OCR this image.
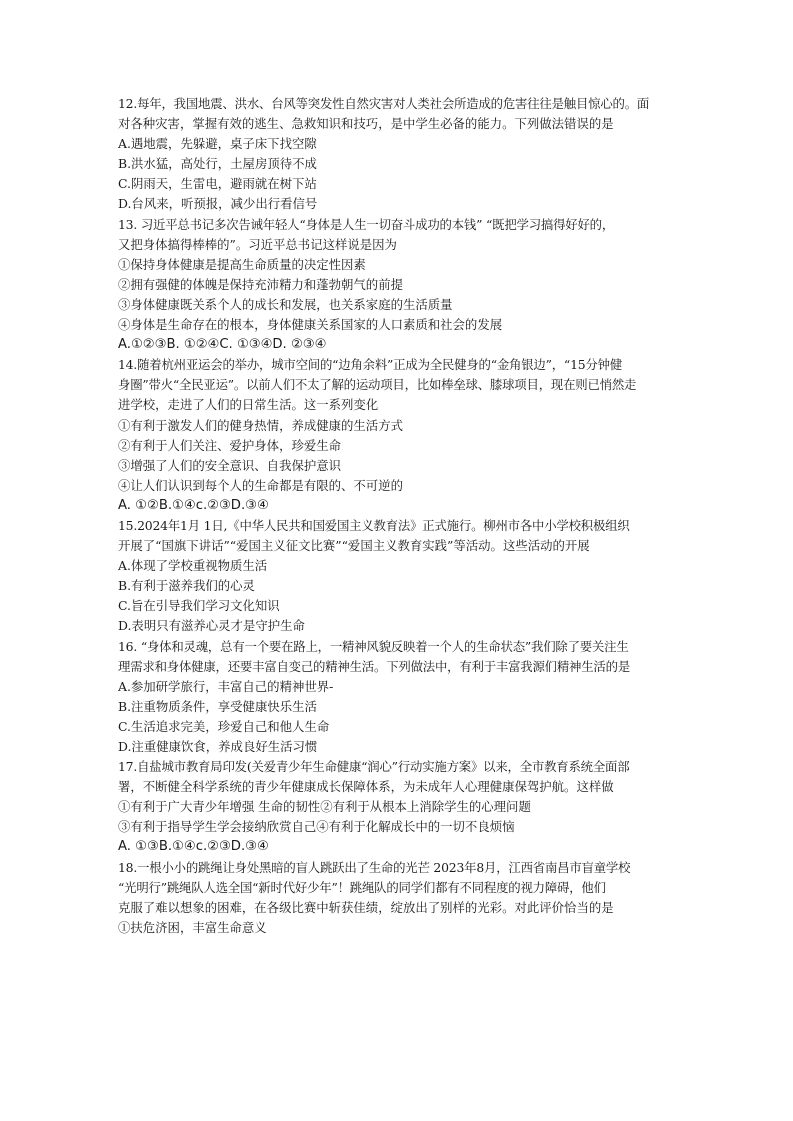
12.每年，我国地震、洪水、台风等突发性自然灾害对人类社会所造成的危害往往是触目惊心的。面
对各种灾害，掌握有效的逃生、急救知识和技巧，是中学生必备的能力。下列做法错误的是
A.遇地震，先躲避，桌子床下找空隙
B.洪水猛，高处行，土屋房顶待不成
C.阴雨天，生雷电，避雨就在树下站
D.台风来，听预报，减少出行看信号
13. 习近平总书记多次告诫年轻人“身体是人生一切奋斗成功的本钱” “既把学习搞得好好的，
又把身体搞得棒棒的”。习近平总书记这样说是因为
①保持身体健康是提高生命质量的决定性因素
②拥有强健的体魄是保持充沛精力和蓬勃朝气的前提
③身体健康既关系个人的成长和发展，也关系家庭的生活质量
④身体是生命存在的根本，身体健康关系国家的人口素质和社会的发展
A.①②③B. ①②④C. ①③④D. ②③④
14.随着杭州亚运会的举办，城市空间的“边角余料”正成为全民健身的“金角银边”，“15分钟健
身圈”带火“全民亚运”。以前人们不太了解的运动项目，比如棒垒球、膝球项目，现在则已悄然走
进学校，走进了人们的日常生活。这一系列变化
①有利于激发人们的健身热情，养成健康的生活方式
②有利于人们关注、爱护身体，珍爱生命
③增强了人们的安全意识、自我保护意识
④让人们认识到每个人的生命都是有限的、不可逆的
A. ①②B.①④c.②③D.③④
15.2024年1月 1日,《中华人民共和国爱国主义教育法》正式施行。柳州市各中小学校积极组织
开展了“国旗下讲话”“爱国主义征文比赛”“爱国主义教育实践”等活动。这些活动的开展
A.体现了学校重视物质生活
B.有利于滋养我们的心灵
C.旨在引导我们学习文化知识
D.表明只有滋养心灵才是守护生命
16. “身体和灵魂，总有一个要在路上，一精神风貌反映着一个人的生命状态”我们除了要关注生
理需求和身体健康，还要丰富自变己的精神生活。下列做法中，有利于丰富我源们精神生活的是
A.参加研学旅行，丰富自己的精神世界-
B.注重物质条件，享受健康快乐生活
C.生活追求完美，珍爱自己和他人生命
D.注重健康饮食，养成良好生活习惯
17.自盐城市教育局印发(关爱青少年生命健康“润心”行动实施方案》以来，全市教育系统全面部
署，不断健全科学系统的青少年健康成长保障体系，为未成年人心理健康保驾护航。这样做
①有利于广大青少年增强 生命的韧性②有利于从根本上消除学生的心理问题
③有利于指导学生学会接纳欣赏自己④有利于化解成长中的一切不良烦恼
A. ①③B.①④c.②③D.③④
18.一根小小的跳绳让身处黑暗的盲人跳跃出了生命的光芒 2023年8月，江西省南昌市盲童学校
“光明行”跳绳队人选全国“新时代好少年”！跳绳队的同学们都有不同程度的视力障碍，他们
克服了难以想象的困难，在各级比赛中斩获佳绩，绽放出了别样的光彩。对此评价恰当的是
①扶危济困，丰富生命意义
